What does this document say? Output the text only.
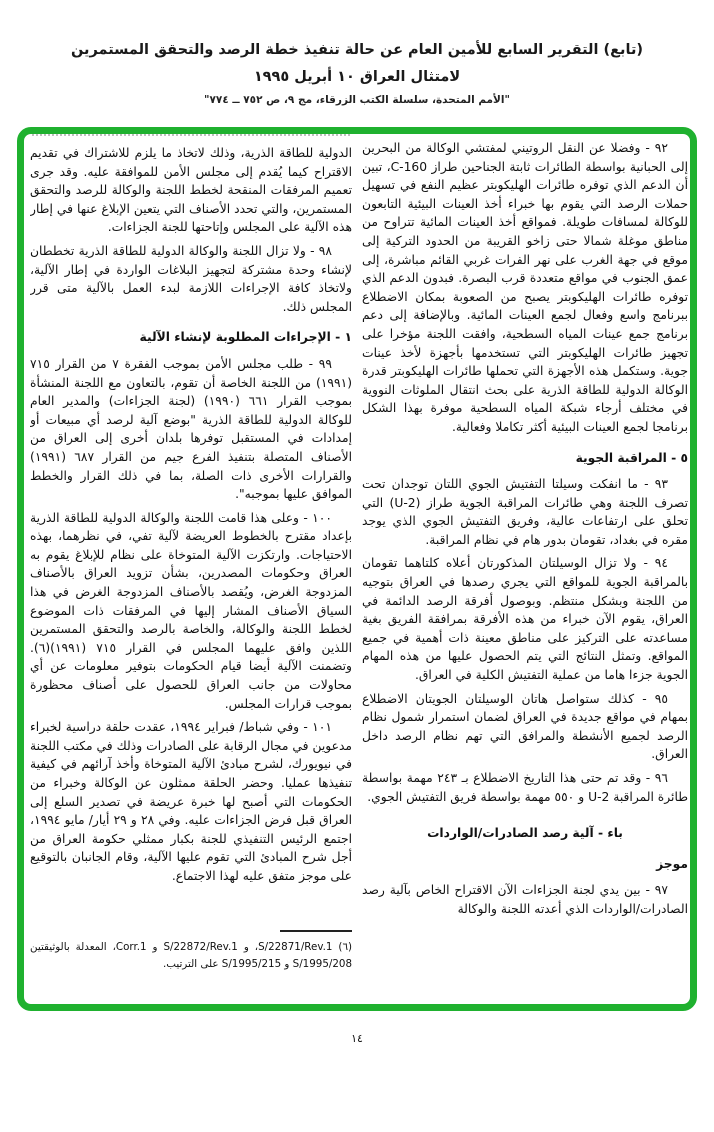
(تابع) التقرير السابع للأمين العام عن حالة تنفيذ خطة الرصد والتحقق المستمرين
لامتثال العراق ١٠ أبريل ١٩٩٥
"الأمم المتحدة، سلسلة الكتب الزرقاء، مج ٩، ص ٧٥٢ ــ ٧٧٤"
٩٢ - وفضلا عن النقل الروتيني لمفتشي الوكالة من البحرين إلى الحبانية بواسطة الطائرات ثابتة الجناحين طراز C-160، تبين أن الدعم الذي توفره طائرات الهليكوبتر عظيم النفع في تسهيل حملات الرصد التي يقوم بها خبراء أخذ العينات البيئية التابعون للوكالة لمسافات طويلة. فمواقع أخذ العينات المائية تتراوح من مناطق موغلة شمالا حتى زاخو القريبة من الحدود التركية إلى موقع في جهة الغرب على نهر الفرات غربي القائم مباشرة، إلى عمق الجنوب في مواقع متعددة قرب البصرة. فبدون الدعم الذي توفره طائرات الهليكوبتر يصبح من الصعوبة بمكان الاضطلاع ببرنامج واسع وفعال لجمع العينات المائية. وبالإضافة إلى دعم برنامج جمع عينات المياه السطحية، وافقت اللجنة مؤخرا على تجهيز طائرات الهليكوبتر التي تستخدمها بأجهزة لأخذ عينات جوية. وستكمل هذه الأجهزة التي تحملها طائرات الهليكوبتر قدرة الوكالة الدولية للطاقة الذرية على بحث انتقال الملوثات النووية في مختلف أرجاء شبكة المياه السطحية موفرة بهذا الشكل برنامجا لجمع العينات البيئية أكثر تكاملا وفعالية.
٥ - المراقبة الجوية
٩٣ - ما انفكت وسيلتا التفتيش الجوي اللتان توجدان تحت تصرف اللجنة وهي طائرات المراقبة الجوية طراز (U-2) التي تحلق على ارتفاعات عالية، وفريق التفتيش الجوي الذي يوجد مقره في بغداد، تقومان بدور هام في نظام المراقبة.
٩٤ - ولا تزال الوسيلتان المذكورتان أعلاه كلتاهما تقومان بالمراقبة الجوية للمواقع التي يجري رصدها في العراق بتوجيه من اللجنة وبشكل منتظم. وبوصول أفرقة الرصد الدائمة في العراق، يقوم الآن خبراء من هذه الأفرقة بمرافقة الفريق بغية مساعدته على التركيز على مناطق معينة ذات أهمية في جميع المواقع. وتمثل النتائج التي يتم الحصول عليها من هذه المهام الجوية جزءا هاما من عملية التفتيش الكلية في العراق.
٩٥ - كذلك ستواصل هاتان الوسيلتان الجويتان الاضطلاع بمهام في مواقع جديدة في العراق لضمان استمرار شمول نظام الرصد لجميع الأنشطة والمرافق التي تهم نظام الرصد داخل العراق.
٩٦ - وقد تم حتى هذا التاريخ الاضطلاع بـ ٢٤٣ مهمة بواسطة طائرة المراقبة U-2 و ٥٥٠ مهمة بواسطة فريق التفتيش الجوي.
باء - آلية رصد الصادرات/الواردات
موجز
٩٧ - بين يدي لجنة الجزاءات الآن الاقتراح الخاص بآلية رصد الصادرات/الواردات الذي أعدته اللجنة والوكالة
الدولية للطاقة الذرية، وذلك لاتخاذ ما يلزم للاشتراك في تقديم الاقتراح كيما يُقدم إلى مجلس الأمن للموافقة عليه. وقد جرى تعميم المرفقات المنقحة لخطط اللجنة والوكالة للرصد والتحقق المستمرين، والتي تحدد الأصناف التي يتعين الإبلاغ عنها في إطار هذه الآلية على المجلس وإتاحتها للجنة الجزاءات.
٩٨ - ولا تزال اللجنة والوكالة الدولية للطاقة الذرية تخططان لإنشاء وحدة مشتركة لتجهيز البلاغات الواردة في إطار الآلية، ولاتخاذ كافة الإجراءات اللازمة لبدء العمل بالآلية متى قرر المجلس ذلك.
١ - الإجراءات المطلوبة لإنشاء الآلية
٩٩ - طلب مجلس الأمن بموجب الفقرة ٧ من القرار ٧١٥ (١٩٩١) من اللجنة الخاصة أن تقوم، بالتعاون مع اللجنة المنشأة بموجب القرار ٦٦١ (١٩٩٠) (لجنة الجزاءات) والمدير العام للوكالة الدولية للطاقة الذرية "بوضع آلية لرصد أي مبيعات أو إمدادات في المستقبل توفرها بلدان أخرى إلى العراق من الأصناف المتصلة بتنفيذ الفرع جيم من القرار ٦٨٧ (١٩٩١) والقرارات الأخرى ذات الصلة، بما في ذلك القرار والخطط الموافق عليها بموجبه".
١٠٠ - وعلى هذا قامت اللجنة والوكالة الدولية للطاقة الذرية بإعداد مقترح بالخطوط العريضة لآلية تفي، في نظرهما، بهذه الاحتياجات. وارتكزت الآلية المتوخاة على نظام للإبلاغ يقوم به العراق وحكومات المصدرين، بشأن تزويد العراق بالأصناف المزدوجة الغرض، ويُقصد بالأصناف المزدوجة الغرض في هذا السياق الأصناف المشار إليها في المرفقات ذات الموضوع لخطط اللجنة والوكالة، والخاصة بالرصد والتحقق المستمرين اللذين وافق عليهما المجلس في القرار ٧١٥ (١٩٩١)(٦). وتضمنت الآلية أيضا قيام الحكومات بتوفير معلومات عن أي محاولات من جانب العراق للحصول على أصناف محظورة بموجب قرارات المجلس.
١٠١ - وفي شباط/ فبراير ١٩٩٤، عقدت حلقة دراسية لخبراء مدعوين في مجال الرقابة على الصادرات وذلك في مكتب اللجنة في نيويورك، لشرح مبادئ الآلية المتوخاة وأخذ آرائهم في كيفية تنفيذها عمليا. وحضر الحلقة ممثلون عن الوكالة وخبراء من الحكومات التي أصبح لها خبرة عريضة في تصدير السلع إلى العراق قبل فرض الجزاءات عليه. وفي ٢٨ و ٢٩ أيار/ مايو ١٩٩٤، اجتمع الرئيس التنفيذي للجنة بكبار ممثلي حكومة العراق من أجل شرح المبادئ التي تقوم عليها الآلية، وقام الجانبان بالتوقيع على موجز متفق عليه لهذا الاجتماع.
(٦) S/22871/Rev.1، و S/22872/Rev.1 و Corr.1، المعدلة بالوثيقتين S/1995/208 و S/1995/215 على الترتيب.
١٤
